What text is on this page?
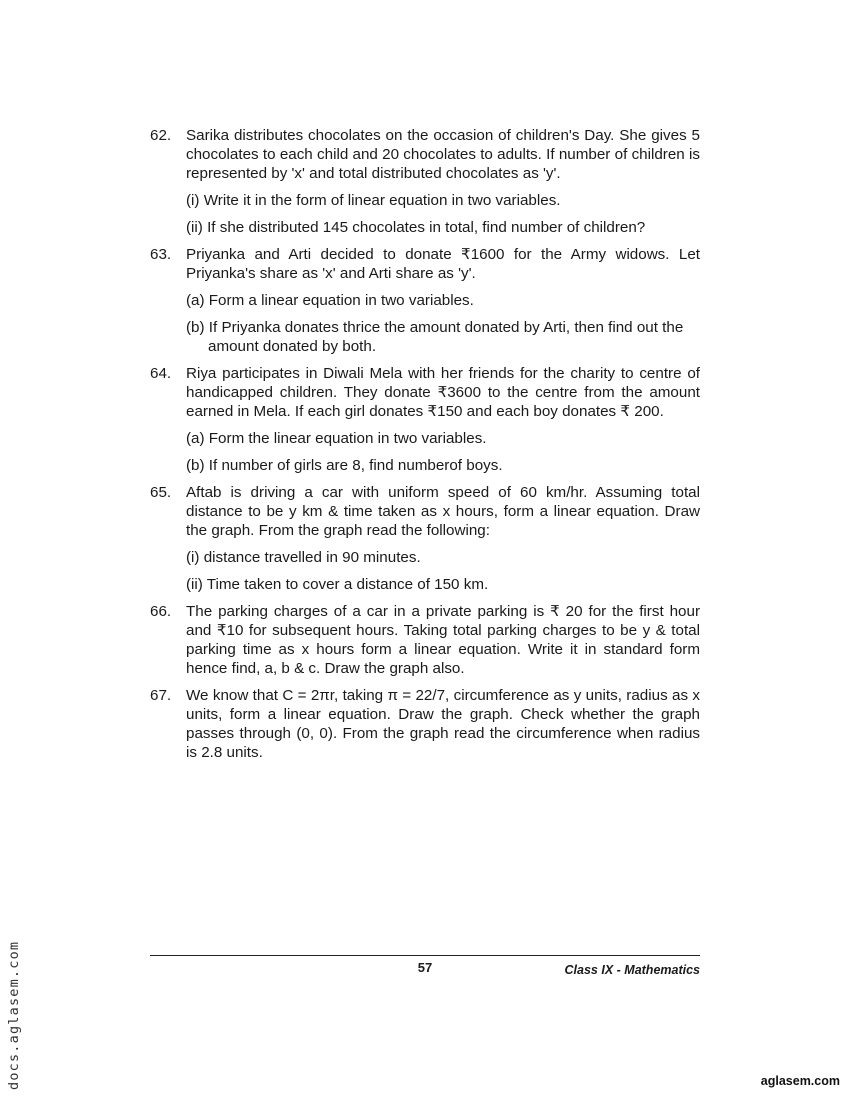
62. Sarika distributes chocolates on the occasion of children's Day. She gives 5 chocolates to each child and 20 chocolates to adults. If number of children is represented by 'x' and total distributed chocolates as 'y'.

(i) Write it in the form of linear equation in two variables.

(ii) If she distributed 145 chocolates in total, find number of children?

63. Priyanka and Arti decided to donate ₹1600 for the Army widows. Let Priyanka's share as 'x' and Arti share as 'y'.

(a) Form a linear equation in two variables.

(b) If Priyanka donates thrice the amount donated by Arti, then find out the amount donated by both.

64. Riya participates in Diwali Mela with her friends for the charity to centre of handicapped children. They donate ₹3600 to the centre from the amount earned in Mela. If each girl donates ₹150 and each boy donates ₹ 200.

(a) Form the linear equation in two variables.

(b) If number of girls are 8, find numberof boys.

65. Aftab is driving a car with uniform speed of 60 km/hr. Assuming total distance to be y km & time taken as x hours, form a linear equation. Draw the graph. From the graph read the following:

(i) distance travelled in 90 minutes.

(ii) Time taken to cover a distance of 150 km.

66. The parking charges of a car in a private parking is ₹ 20 for the first hour and ₹10 for subsequent hours. Taking total parking charges to be y & total parking time as x hours form a linear equation. Write it in standard form hence find, a, b & c. Draw the graph also.

67. We know that C = 2πr, taking π = 22/7, circumference as y units, radius as x units, form a linear equation. Draw the graph. Check whether the graph passes through (0, 0). From the graph read the circumference when radius is 2.8 units.

57	Class IX - Mathematics
docs.aglasem.com	aglasem.com
